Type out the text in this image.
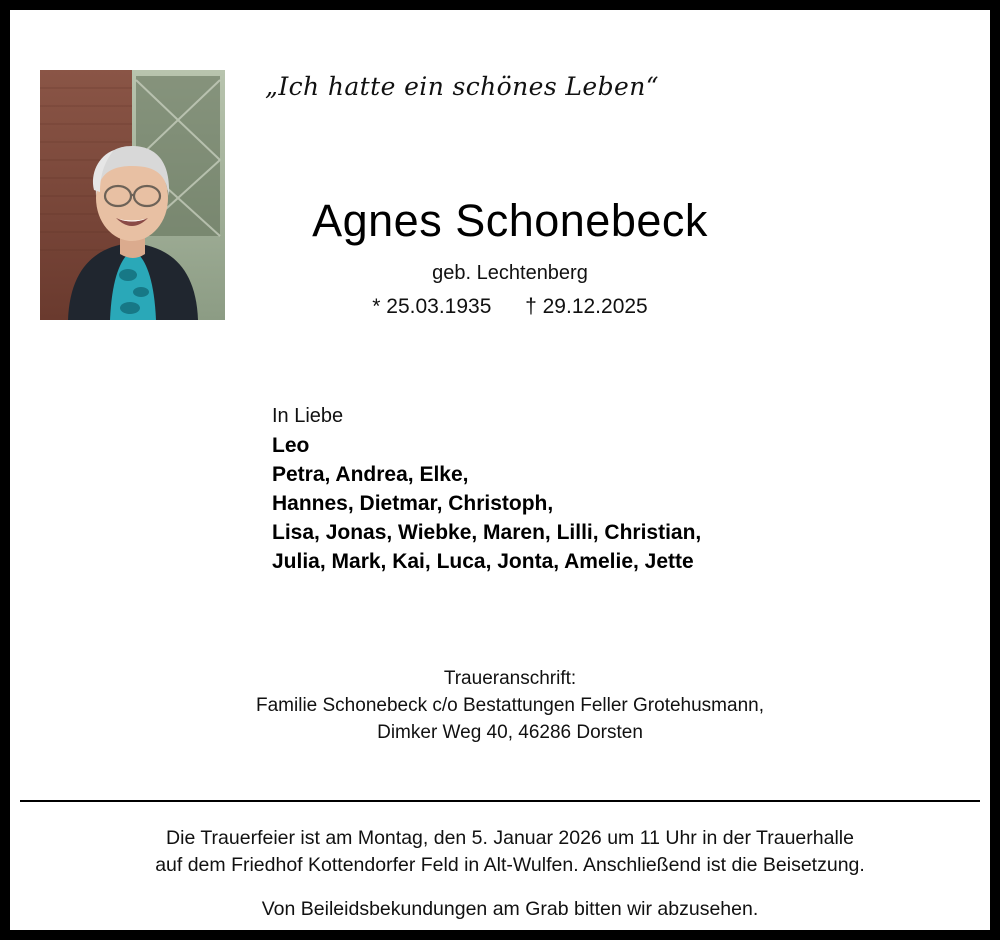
„Ich hatte ein schönes Leben“
Agnes Schonebeck
geb. Lechtenberg
* 25.03.1935 † 29.12.2025
In Liebe
Leo
Petra, Andrea, Elke,
Hannes, Dietmar, Christoph,
Lisa, Jonas, Wiebke, Maren, Lilli, Christian,
Julia, Mark, Kai, Luca, Jonta, Amelie, Jette
Traueranschrift:
Familie Schonebeck c/o Bestattungen Feller Grotehusmann,
Dimker Weg 40, 46286 Dorsten
Die Trauerfeier ist am Montag, den 5. Januar 2026 um 11 Uhr in der Trauerhalle
auf dem Friedhof Kottendorfer Feld in Alt-Wulfen. Anschließend ist die Beisetzung.
Von Beileidsbekundungen am Grab bitten wir abzusehen.
